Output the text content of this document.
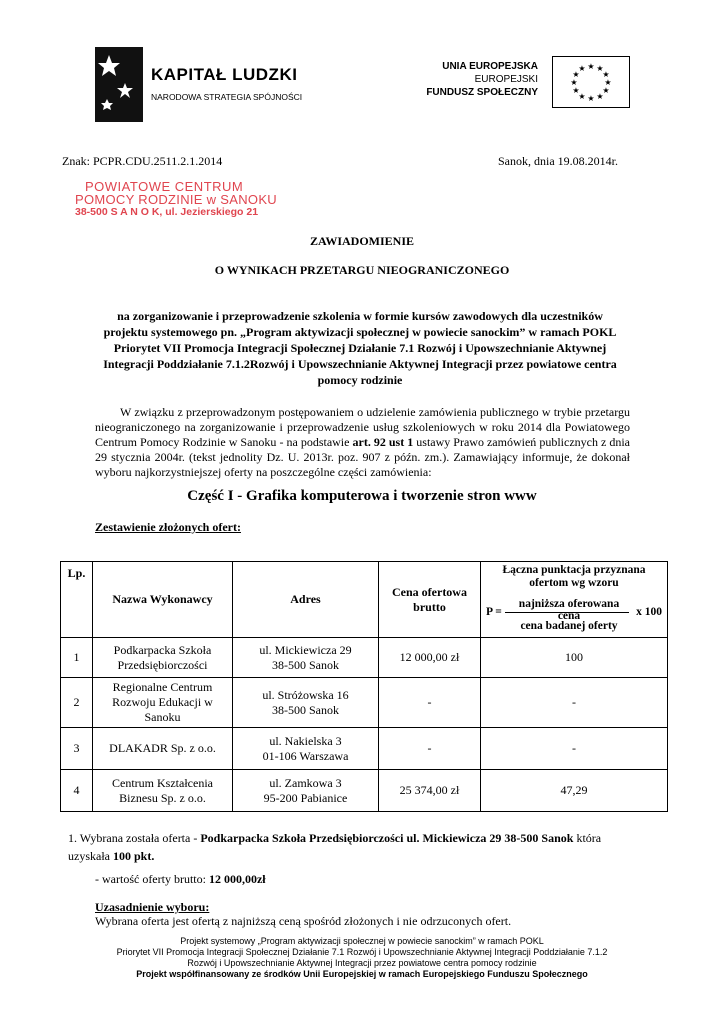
KAPITAŁ LUDZKI
NARODOWA STRATEGIA SPÓJNOŚCI
UNIA EUROPEJSKA
EUROPEJSKI
FUNDUSZ SPOŁECZNY
★ ★
★
★
★
★
★
★
★
★
★
★
Znak: PCPR.CDU.2511.2.1.2014	Sanok, dnia 19.08.2014r.
POWIATOWE CENTRUM
POMOCY RODZINIE w SANOKU
38-500 S A N O K, ul. Jezierskiego 21
ZAWIADOMIENIE
O WYNIKACH PRZETARGU NIEOGRANICZONEGO
na zorganizowanie i przeprowadzenie szkolenia w formie kursów zawodowych dla uczestników projektu systemowego pn. „Program aktywizacji społecznej w powiecie sanockim” w ramach POKL Priorytet VII Promocja Integracji Społecznej Działanie 7.1 Rozwój i Upowszechnianie Aktywnej Integracji Poddziałanie 7.1.2Rozwój i Upowszechnianie Aktywnej Integracji przez powiatowe centra pomocy rodzinie
W związku z przeprowadzonym postępowaniem o udzielenie zamówienia publicznego w trybie przetargu nieograniczonego na zorganizowanie i przeprowadzenie usług szkoleniowych w roku 2014 dla Powiatowego Centrum Pomocy Rodzinie w Sanoku - na podstawie art. 92 ust 1 ustawy Prawo zamówień publicznych z dnia 29 stycznia 2004r. (tekst jednolity Dz. U. 2013r. poz. 907 z późn. zm.). Zamawiający informuje, że dokonał wyboru najkorzystniejszej oferty na poszczególne części zamówienia:
Część I - Grafika komputerowa i tworzenie stron www
Zestawienie złożonych ofert:
Lp.	Nazwa Wykonawcy	Adres	Cena ofertowa brutto	Łączna punktacja przyznana ofertom wg wzoru
P =
najniższa oferowana cena
cena badanej oferty
x 100

1	Podkarpacka Szkoła Przedsiębiorczości	ul. Mickiewicza 29
38-500 Sanok	12 000,00 zł	100
2	Regionalne Centrum Rozwoju Edukacji w Sanoku	ul. Stróżowska 16
38-500 Sanok	-	-
3	DLAKADR Sp. z o.o.	ul. Nakielska 3
01-106 Warszawa	-	-
4	Centrum Kształcenia Biznesu Sp. z o.o.	ul. Zamkowa 3
95-200 Pabianice	25 374,00 zł	47,29
1. Wybrana została oferta - Podkarpacka Szkoła Przedsiębiorczości ul. Mickiewicza 29 38-500 Sanok która uzyskała 100 pkt.
- wartość oferty brutto: 12 000,00zł
Uzasadnienie wyboru:
Wybrana oferta jest ofertą z najniższą ceną spośród złożonych i nie odrzuconych ofert.
Projekt systemowy „Program aktywizacji społecznej w powiecie sanockim” w ramach POKL
Priorytet VII Promocja Integracji Społecznej Działanie 7.1 Rozwój i Upowszechnianie Aktywnej Integracji Poddziałanie 7.1.2
Rozwój i Upowszechnianie Aktywnej Integracji przez powiatowe centra pomocy rodzinie
Projekt współfinansowany ze środków Unii Europejskiej w ramach Europejskiego Funduszu Społecznego
